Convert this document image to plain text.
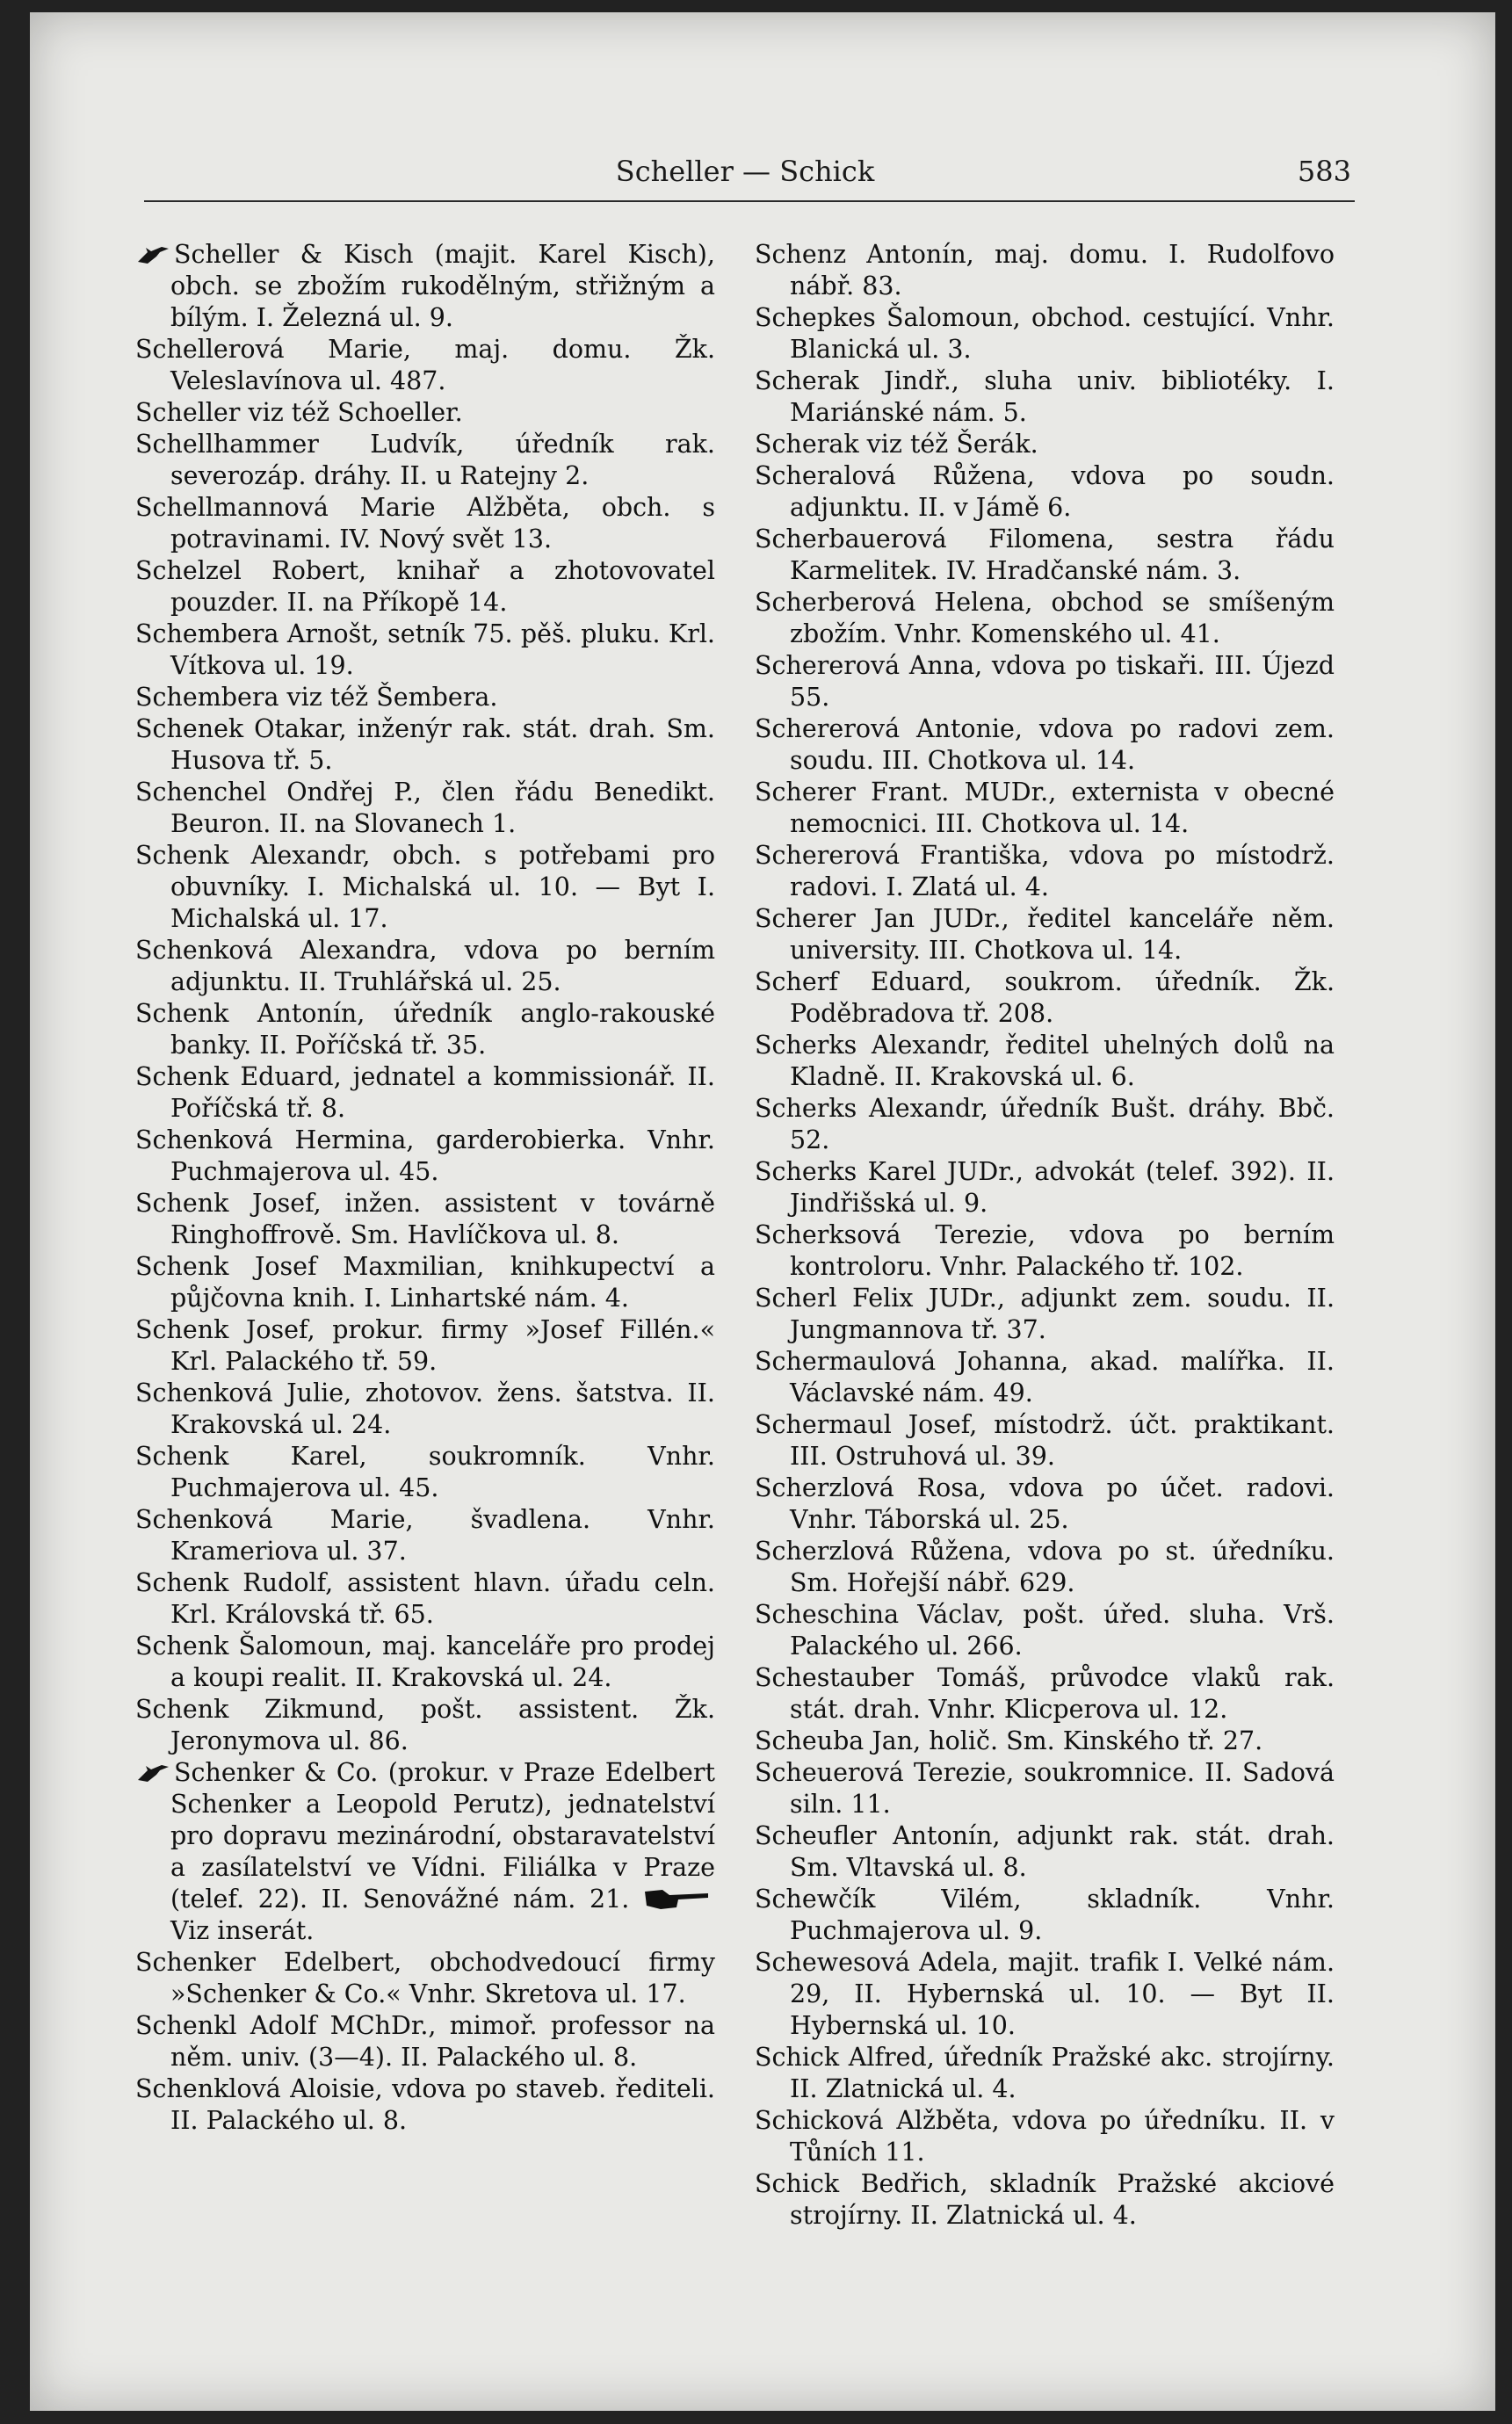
Scheller — Schick	583
Scheller & Kisch (majit. Karel Kisch), obch. se zbožím rukodělným, střižným a bílým. I. Železná ul. 9.
Schellerová Marie, maj. domu. Žk. Veleslavínova ul. 487.
Scheller viz též Schoeller.
Schellhammer Ludvík, úředník rak. severozáp. dráhy. II. u Ratejny 2.
Schellmannová Marie Alžběta, obch. s potravinami. IV. Nový svět 13.
Schelzel Robert, knihař a zhotovovatel pouzder. II. na Příkopě 14.
Schembera Arnošt, setník 75. pěš. pluku. Krl. Vítkova ul. 19.
Schembera viz též Šembera.
Schenek Otakar, inženýr rak. stát. drah. Sm. Husova tř. 5.
Schenchel Ondřej P., člen řádu Benedikt. Beuron. II. na Slovanech 1.
Schenk Alexandr, obch. s potřebami pro obuvníky. I. Michalská ul. 10. — Byt I. Michalská ul. 17.
Schenková Alexandra, vdova po berním adjunktu. II. Truhlářská ul. 25.
Schenk Antonín, úředník anglo-rakouské banky. II. Poříčská tř. 35.
Schenk Eduard, jednatel a kommissionář. II. Poříčská tř. 8.
Schenková Hermina, garderobierka. Vnhr. Puchmajerova ul. 45.
Schenk Josef, inžen. assistent v továrně Ringhoffrově. Sm. Havlíčkova ul. 8.
Schenk Josef Maxmilian, knihkupectví a půjčovna knih. I. Linhartské nám. 4.
Schenk Josef, prokur. firmy »Josef Fillén.« Krl. Palackého tř. 59.
Schenková Julie, zhotovov. žens. šatstva. II. Krakovská ul. 24.
Schenk Karel, soukromník. Vnhr. Puchmajerova ul. 45.
Schenková Marie, švadlena. Vnhr. Krameriova ul. 37.
Schenk Rudolf, assistent hlavn. úřadu celn. Krl. Královská tř. 65.
Schenk Šalomoun, maj. kanceláře pro prodej a koupi realit. II. Krakovská ul. 24.
Schenk Zikmund, pošt. assistent. Žk. Jeronymova ul. 86.
Schenker & Co. (prokur. v Praze Edelbert Schenker a Leopold Perutz), jednatelství pro dopravu mezinárodní, obstaravatelství a zasílatelství ve Vídni. Filiálka v Praze (telef. 22). II. Senovážné nám. 21. Viz inserát.
Schenker Edelbert, obchodvedoucí firmy »Schenker & Co.« Vnhr. Skretova ul. 17.
Schenkl Adolf MChDr., mimoř. professor na něm. univ. (3—4). II. Palackého ul. 8.
Schenklová Aloisie, vdova po staveb. řediteli. II. Palackého ul. 8.
Schenz Antonín, maj. domu. I. Rudolfovo nábř. 83.
Schepkes Šalomoun, obchod. cestující. Vnhr. Blanická ul. 3.
Scherak Jindř., sluha univ. bibliotéky. I. Mariánské nám. 5.
Scherak viz též Šerák.
Scheralová Růžena, vdova po soudn. adjunktu. II. v Jámě 6.
Scherbauerová Filomena, sestra řádu Karmelitek. IV. Hradčanské nám. 3.
Scherberová Helena, obchod se smíšeným zbožím. Vnhr. Komenského ul. 41.
Schererová Anna, vdova po tiskaři. III. Újezd 55.
Schererová Antonie, vdova po radovi zem. soudu. III. Chotkova ul. 14.
Scherer Frant. MUDr., externista v obecné nemocnici. III. Chotkova ul. 14.
Schererová Františka, vdova po místodrž. radovi. I. Zlatá ul. 4.
Scherer Jan JUDr., ředitel kanceláře něm. university. III. Chotkova ul. 14.
Scherf Eduard, soukrom. úředník. Žk. Poděbradova tř. 208.
Scherks Alexandr, ředitel uhelných dolů na Kladně. II. Krakovská ul. 6.
Scherks Alexandr, úředník Bušt. dráhy. Bbč. 52.
Scherks Karel JUDr., advokát (telef. 392). II. Jindřišská ul. 9.
Scherksová Terezie, vdova po berním kontroloru. Vnhr. Palackého tř. 102.
Scherl Felix JUDr., adjunkt zem. soudu. II. Jungmannova tř. 37.
Schermaulová Johanna, akad. malířka. II. Václavské nám. 49.
Schermaul Josef, místodrž. účt. praktikant. III. Ostruhová ul. 39.
Scherzlová Rosa, vdova po účet. radovi. Vnhr. Táborská ul. 25.
Scherzlová Růžena, vdova po st. úředníku. Sm. Hořejší nábř. 629.
Scheschina Václav, pošt. úřed. sluha. Vrš. Palackého ul. 266.
Schestauber Tomáš, průvodce vlaků rak. stát. drah. Vnhr. Klicperova ul. 12.
Scheuba Jan, holič. Sm. Kinského tř. 27.
Scheuerová Terezie, soukromnice. II. Sadová siln. 11.
Scheufler Antonín, adjunkt rak. stát. drah. Sm. Vltavská ul. 8.
Schewčík Vilém, skladník. Vnhr. Puchmajerova ul. 9.
Schewesová Adela, majit. trafik I. Velké nám. 29, II. Hybernská ul. 10. — Byt II. Hybernská ul. 10.
Schick Alfred, úředník Pražské akc. strojírny. II. Zlatnická ul. 4.
Schicková Alžběta, vdova po úředníku. II. v Tůních 11.
Schick Bedřich, skladník Pražské akciové strojírny. II. Zlatnická ul. 4.
